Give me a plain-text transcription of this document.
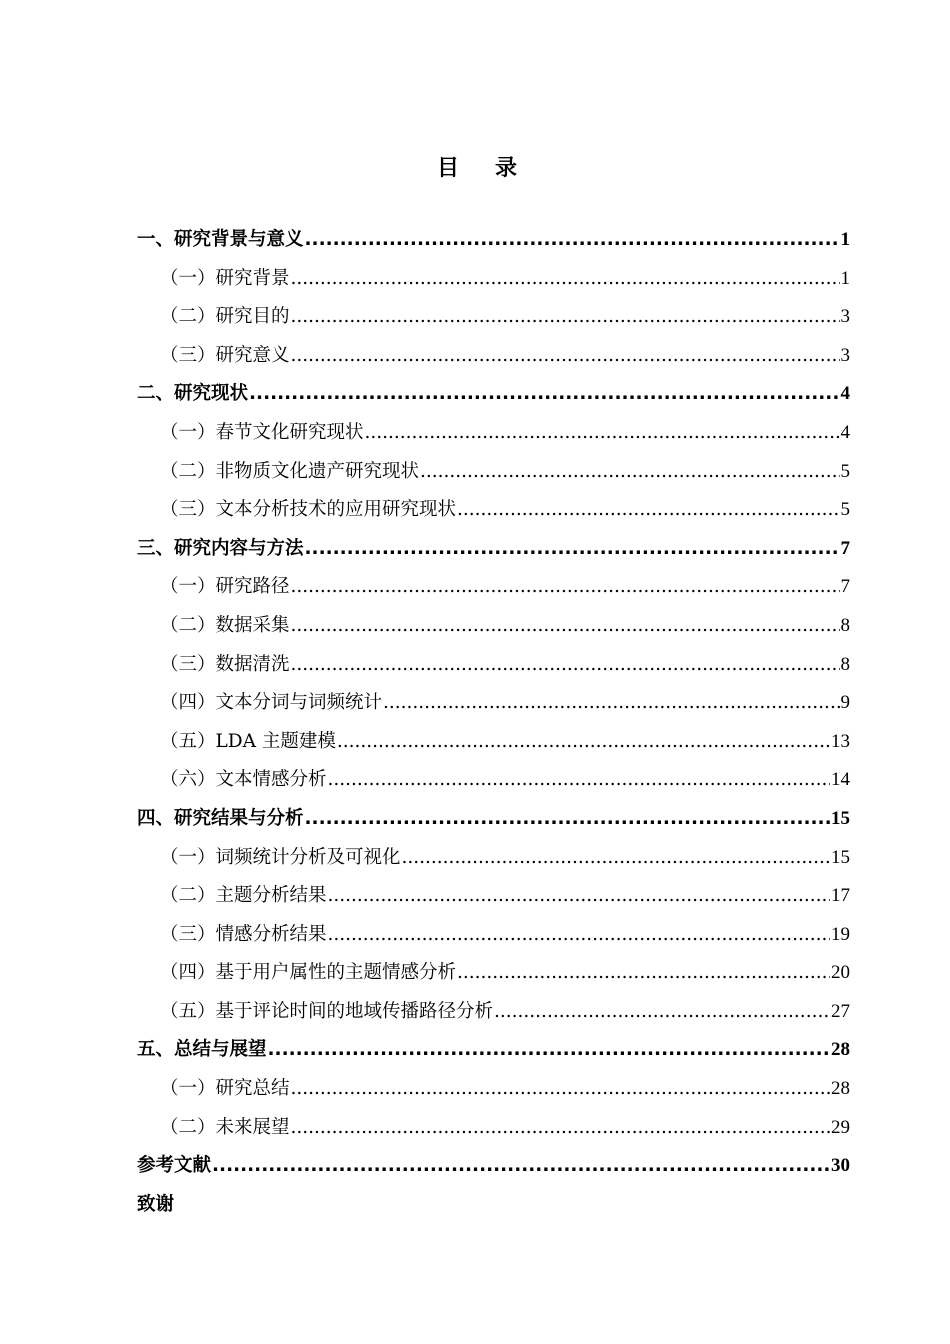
目录
一、研究背景与意义 .....	1
（一）研究背景 .....	1
（二）研究目的 .....	3
（三）研究意义 .....	3
二、研究现状 .....	4
（一）春节文化研究现状 .....	4
（二）非物质文化遗产研究现状 .....	5
（三）文本分析技术的应用研究现状 .....	5
三、研究内容与方法 .....	7
（一）研究路径 .....	7
（二）数据采集 .....	8
（三）数据清洗 .....	8
（四）文本分词与词频统计 .....	9
（五）LDA 主题建模 .....	13
（六）文本情感分析 .....	14
四、研究结果与分析 .....	15
（一）词频统计分析及可视化 .....	15
（二）主题分析结果 .....	17
（三）情感分析结果 .....	19
（四）基于用户属性的主题情感分析 .....	20
（五）基于评论时间的地域传播路径分析 .....	27
五、总结与展望 .....	28
（一）研究总结 .....	28
（二）未来展望 .....	29
参考文献 .....	30
致谢
